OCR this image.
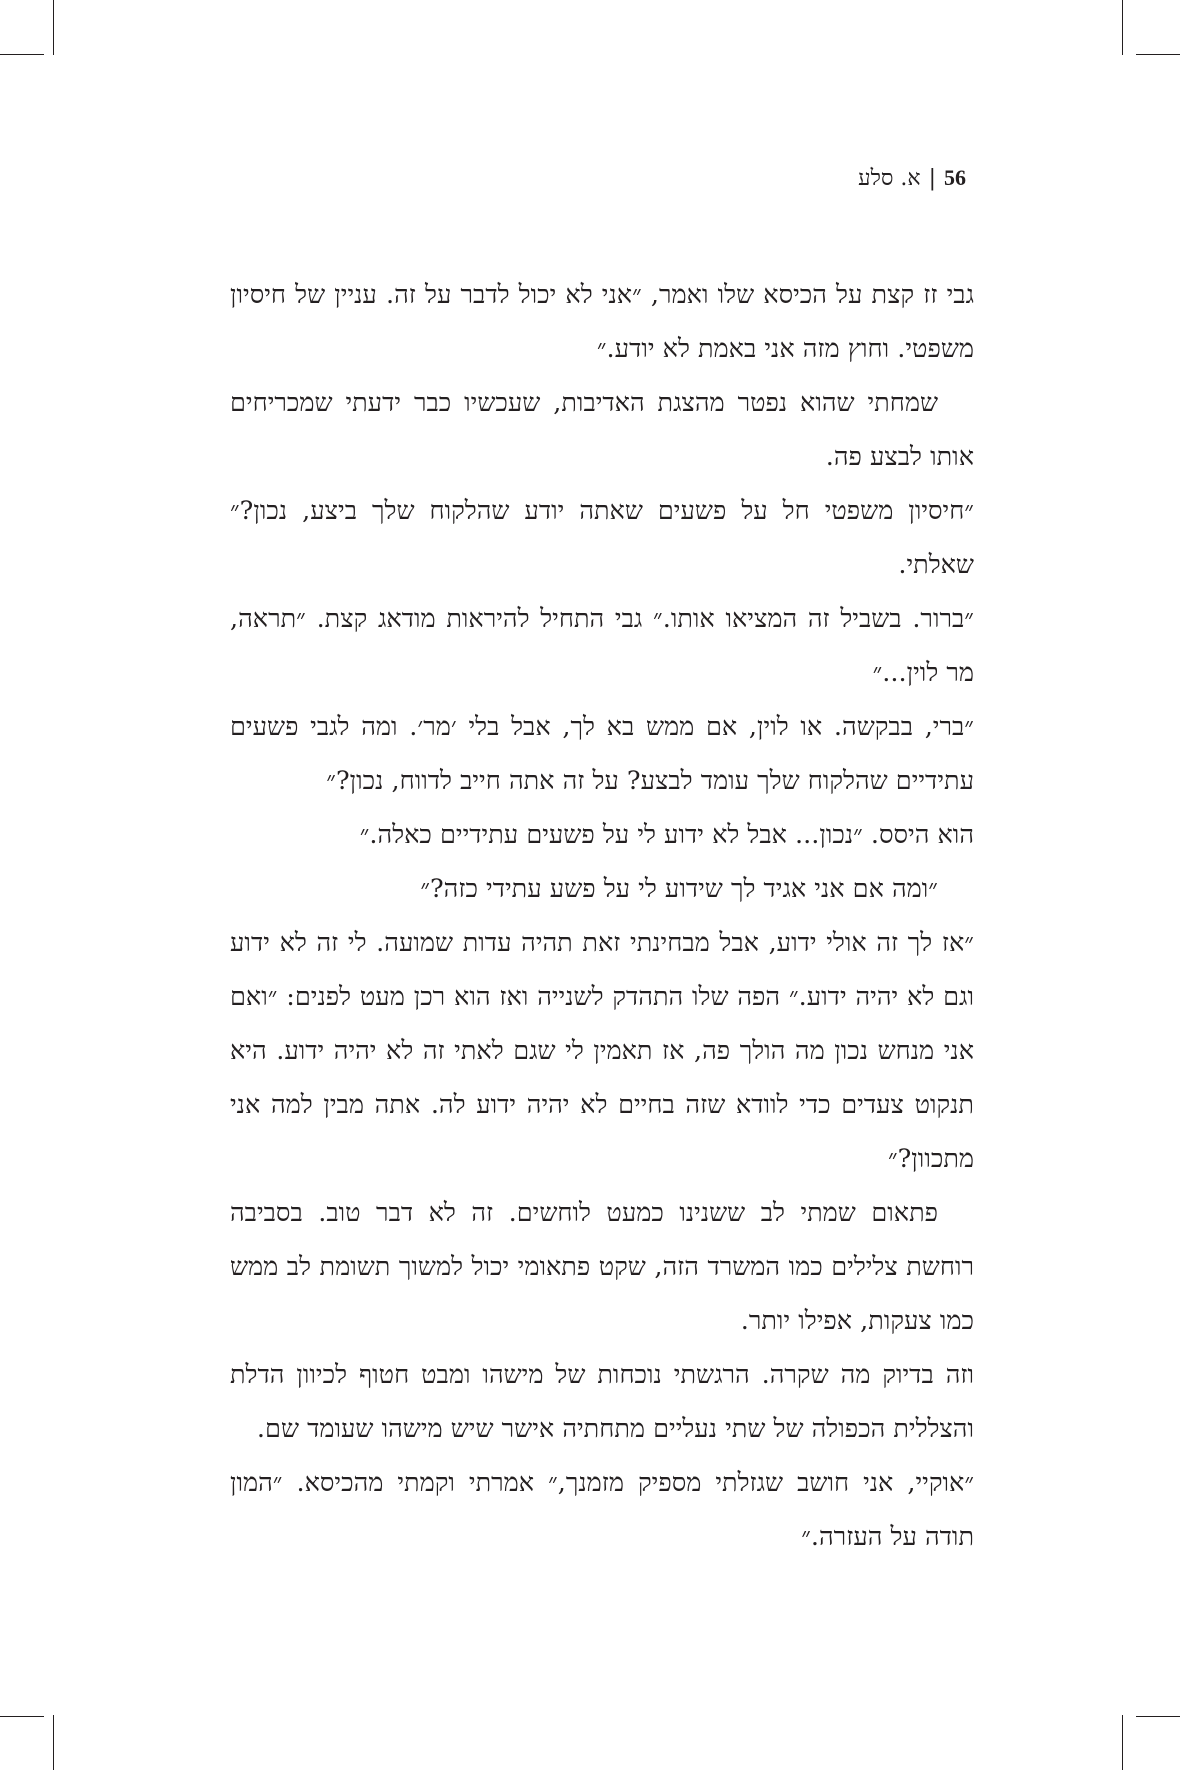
56|א. סלע

גבי זז קצת על הכיסא שלו ואמר, ״אני לא יכול לדבר על זה. עניין של חיסיון משפטי. וחוץ מזה אני באמת לא יודע.״

שמחתי שהוא נפטר מהצגת האדיבות, שעכשיו כבר ידעתי שמכריחים אותו לבצע פה.

״חיסיון משפטי חל על פשעים שאתה יודע שהלקוח שלך ביצע, נכון?״ שאלתי.

״ברור. בשביל זה המציאו אותו.״ גבי התחיל להיראות מודאג קצת. ״תראה, מר לוין...״

״ברי, בבקשה. או לוין, אם ממש בא לך, אבל בלי ׳מר׳. ומה לגבי פשעים עתידיים שהלקוח שלך עומד לבצע? על זה אתה חייב לדווח, נכון?״

הוא היסס. ״נכון... אבל לא ידוע לי על פשעים עתידיים כאלה.״

״ומה אם אני אגיד לך שידוע לי על פשע עתידי כזה?״

״אז לך זה אולי ידוע, אבל מבחינתי זאת תהיה עדות שמועה. לי זה לא ידוע וגם לא יהיה ידוע.״ הפה שלו התהדק לשנייה ואז הוא רכן מעט לפנים: ״ואם אני מנחש נכון מה הולך פה, אז תאמין לי שגם לאתי זה לא יהיה ידוע. היא תנקוט צעדים כדי לוודא שזה בחיים לא יהיה ידוע לה. אתה מבין למה אני מתכוון?״

פתאום שמתי לב ששנינו כמעט לוחשים. זה לא דבר טוב. בסביבה רוחשת צלילים כמו המשרד הזה, שקט פתאומי יכול למשוך תשומת לב ממש כמו צעקות, אפילו יותר.

וזה בדיוק מה שקרה. הרגשתי נוכחות של מישהו ומבט חטוף לכיוון הדלת והצללית הכפולה של שתי נעליים מתחתיה אישר שיש מישהו שעומד שם.

״אוקיי, אני חושב שגזלתי מספיק מזמנך,״ אמרתי וקמתי מהכיסא. ״המון תודה על העזרה.״
